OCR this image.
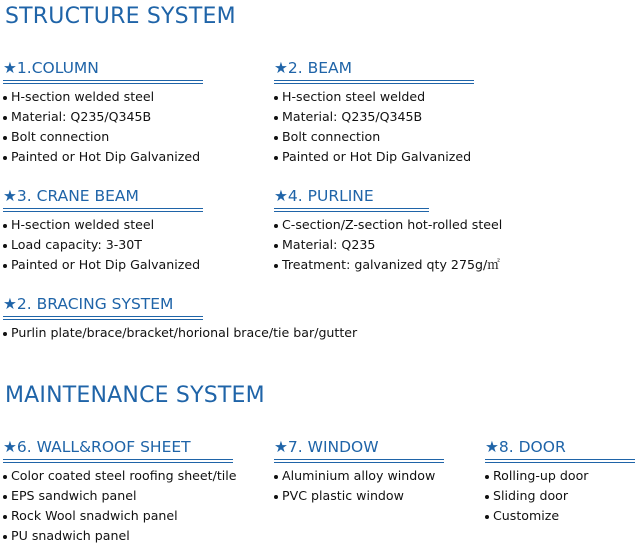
STRUCTURE SYSTEM
★1.COLUMN
H-section welded steel
Material: Q235/Q345B
Bolt connection
Painted or Hot Dip Galvanized
★2. BEAM
H-section steel welded
Material: Q235/Q345B
Bolt connection
Painted or Hot Dip Galvanized
★3. CRANE BEAM
H-section welded steel
Load capacity: 3-30T
Painted or Hot Dip Galvanized
★4. PURLINE
C-section/Z-section hot-rolled steel
Material: Q235
Treatment: galvanized qty 275g/㎡
★2. BRACING SYSTEM
Purlin plate/brace/bracket/horional brace/tie bar/gutter
MAINTENANCE SYSTEM
★6. WALL&ROOF SHEET
Color coated steel roofing sheet/tile
EPS sandwich panel
Rock Wool snadwich panel
PU snadwich panel
★7. WINDOW
Aluminium alloy window
PVC plastic window
★8. DOOR
Rolling-up door
Sliding door
Customize
